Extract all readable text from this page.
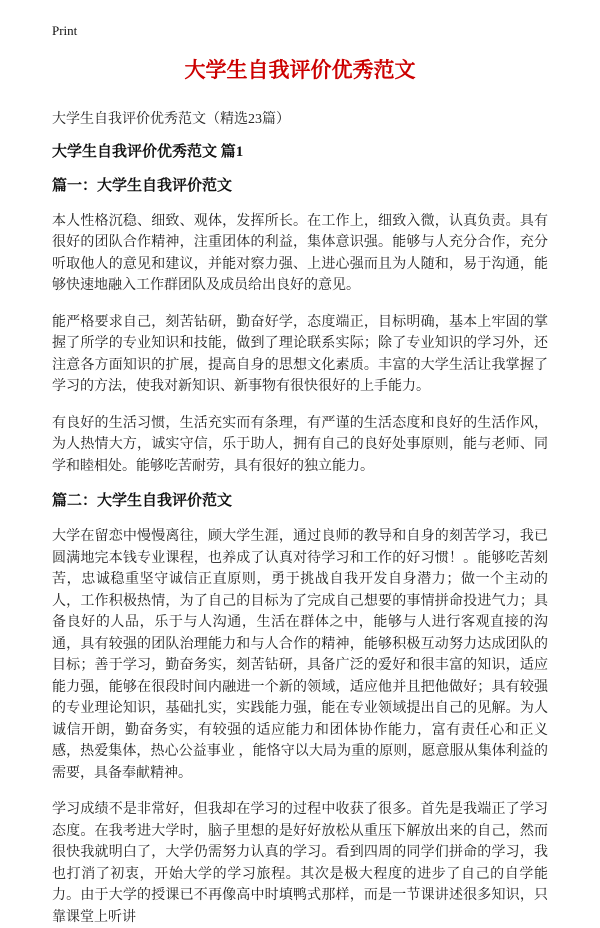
Print
大学生自我评价优秀范文

大学生自我评价优秀范文（精选23篇）

大学生自我评价优秀范文 篇1
篇一：大学生自我评价范文

本人性格沉稳、细致、观体，发挥所长。在工作上，细致入微，认真负责。具有很好的团队合作精神，注重团体的利益，集体意识强。能够与人充分合作，充分听取他人的意见和建议，并能对察力强、上进心强而且为人随和，易于沟通，能够快速地融入工作群团队及成员给出良好的意见。

能严格要求自己，刻苦钻研，勤奋好学，态度端正，目标明确，基本上牢固的掌握了所学的专业知识和技能，做到了理论联系实际；除了专业知识的学习外，还注意各方面知识的扩展，提高自身的思想文化素质。丰富的大学生活让我掌握了学习的方法，使我对新知识、新事物有很快很好的上手能力。

有良好的生活习惯，生活充实而有条理，有严谨的生活态度和良好的生活作风，为人热情大方，诚实守信，乐于助人，拥有自己的良好处事原则，能与老师、同学和睦相处。能够吃苦耐劳，具有很好的独立能力。

篇二：大学生自我评价范文

大学在留恋中慢慢离往，顾大学生涯，通过良师的教导和自身的刻苦学习，我已圆满地完本钱专业课程，也养成了认真对待学习和工作的好习惯！。能够吃苦刻苦，忠诚稳重坚守诚信正直原则，勇于挑战自我开发自身潜力；做一个主动的人，工作积极热情，为了自己的目标为了完成自己想要的事情拼命投进气力；具备良好的人品，乐于与人沟通，生活在群体之中，能够与人进行客观直接的沟通，具有较强的团队治理能力和与人合作的精神，能够积极互动努力达成团队的目标；善于学习，勤奋务实，刻苦钻研，具备广泛的爱好和很丰富的知识，适应能力强，能够在很段时间内融进一个新的领域，适应他并且把他做好；具有较强的专业理论知识，基础扎实，实践能力强，能在专业领域提出自己的见解。为人诚信开朗，勤奋务实，有较强的适应能力和团体协作能力，富有责任心和正义感，热爱集体，热心公益事业 ，能恪守以大局为重的原则，愿意服从集体利益的需要，具备奉献精神。

学习成绩不是非常好，但我却在学习的过程中收获了很多。首先是我端正了学习态度。在我考进大学时，脑子里想的是好好放松从重压下解放出来的自己，然而很快我就明白了，大学仍需努力认真的学习。看到四周的同学们拼命的学习，我也打消了初衷，开始大学的学习旅程。其次是极大程度的进步了自己的自学能力。由于大学的授课已不再像高中时填鸭式那样，而是一节课讲述很多知识，只靠课堂上听讲
